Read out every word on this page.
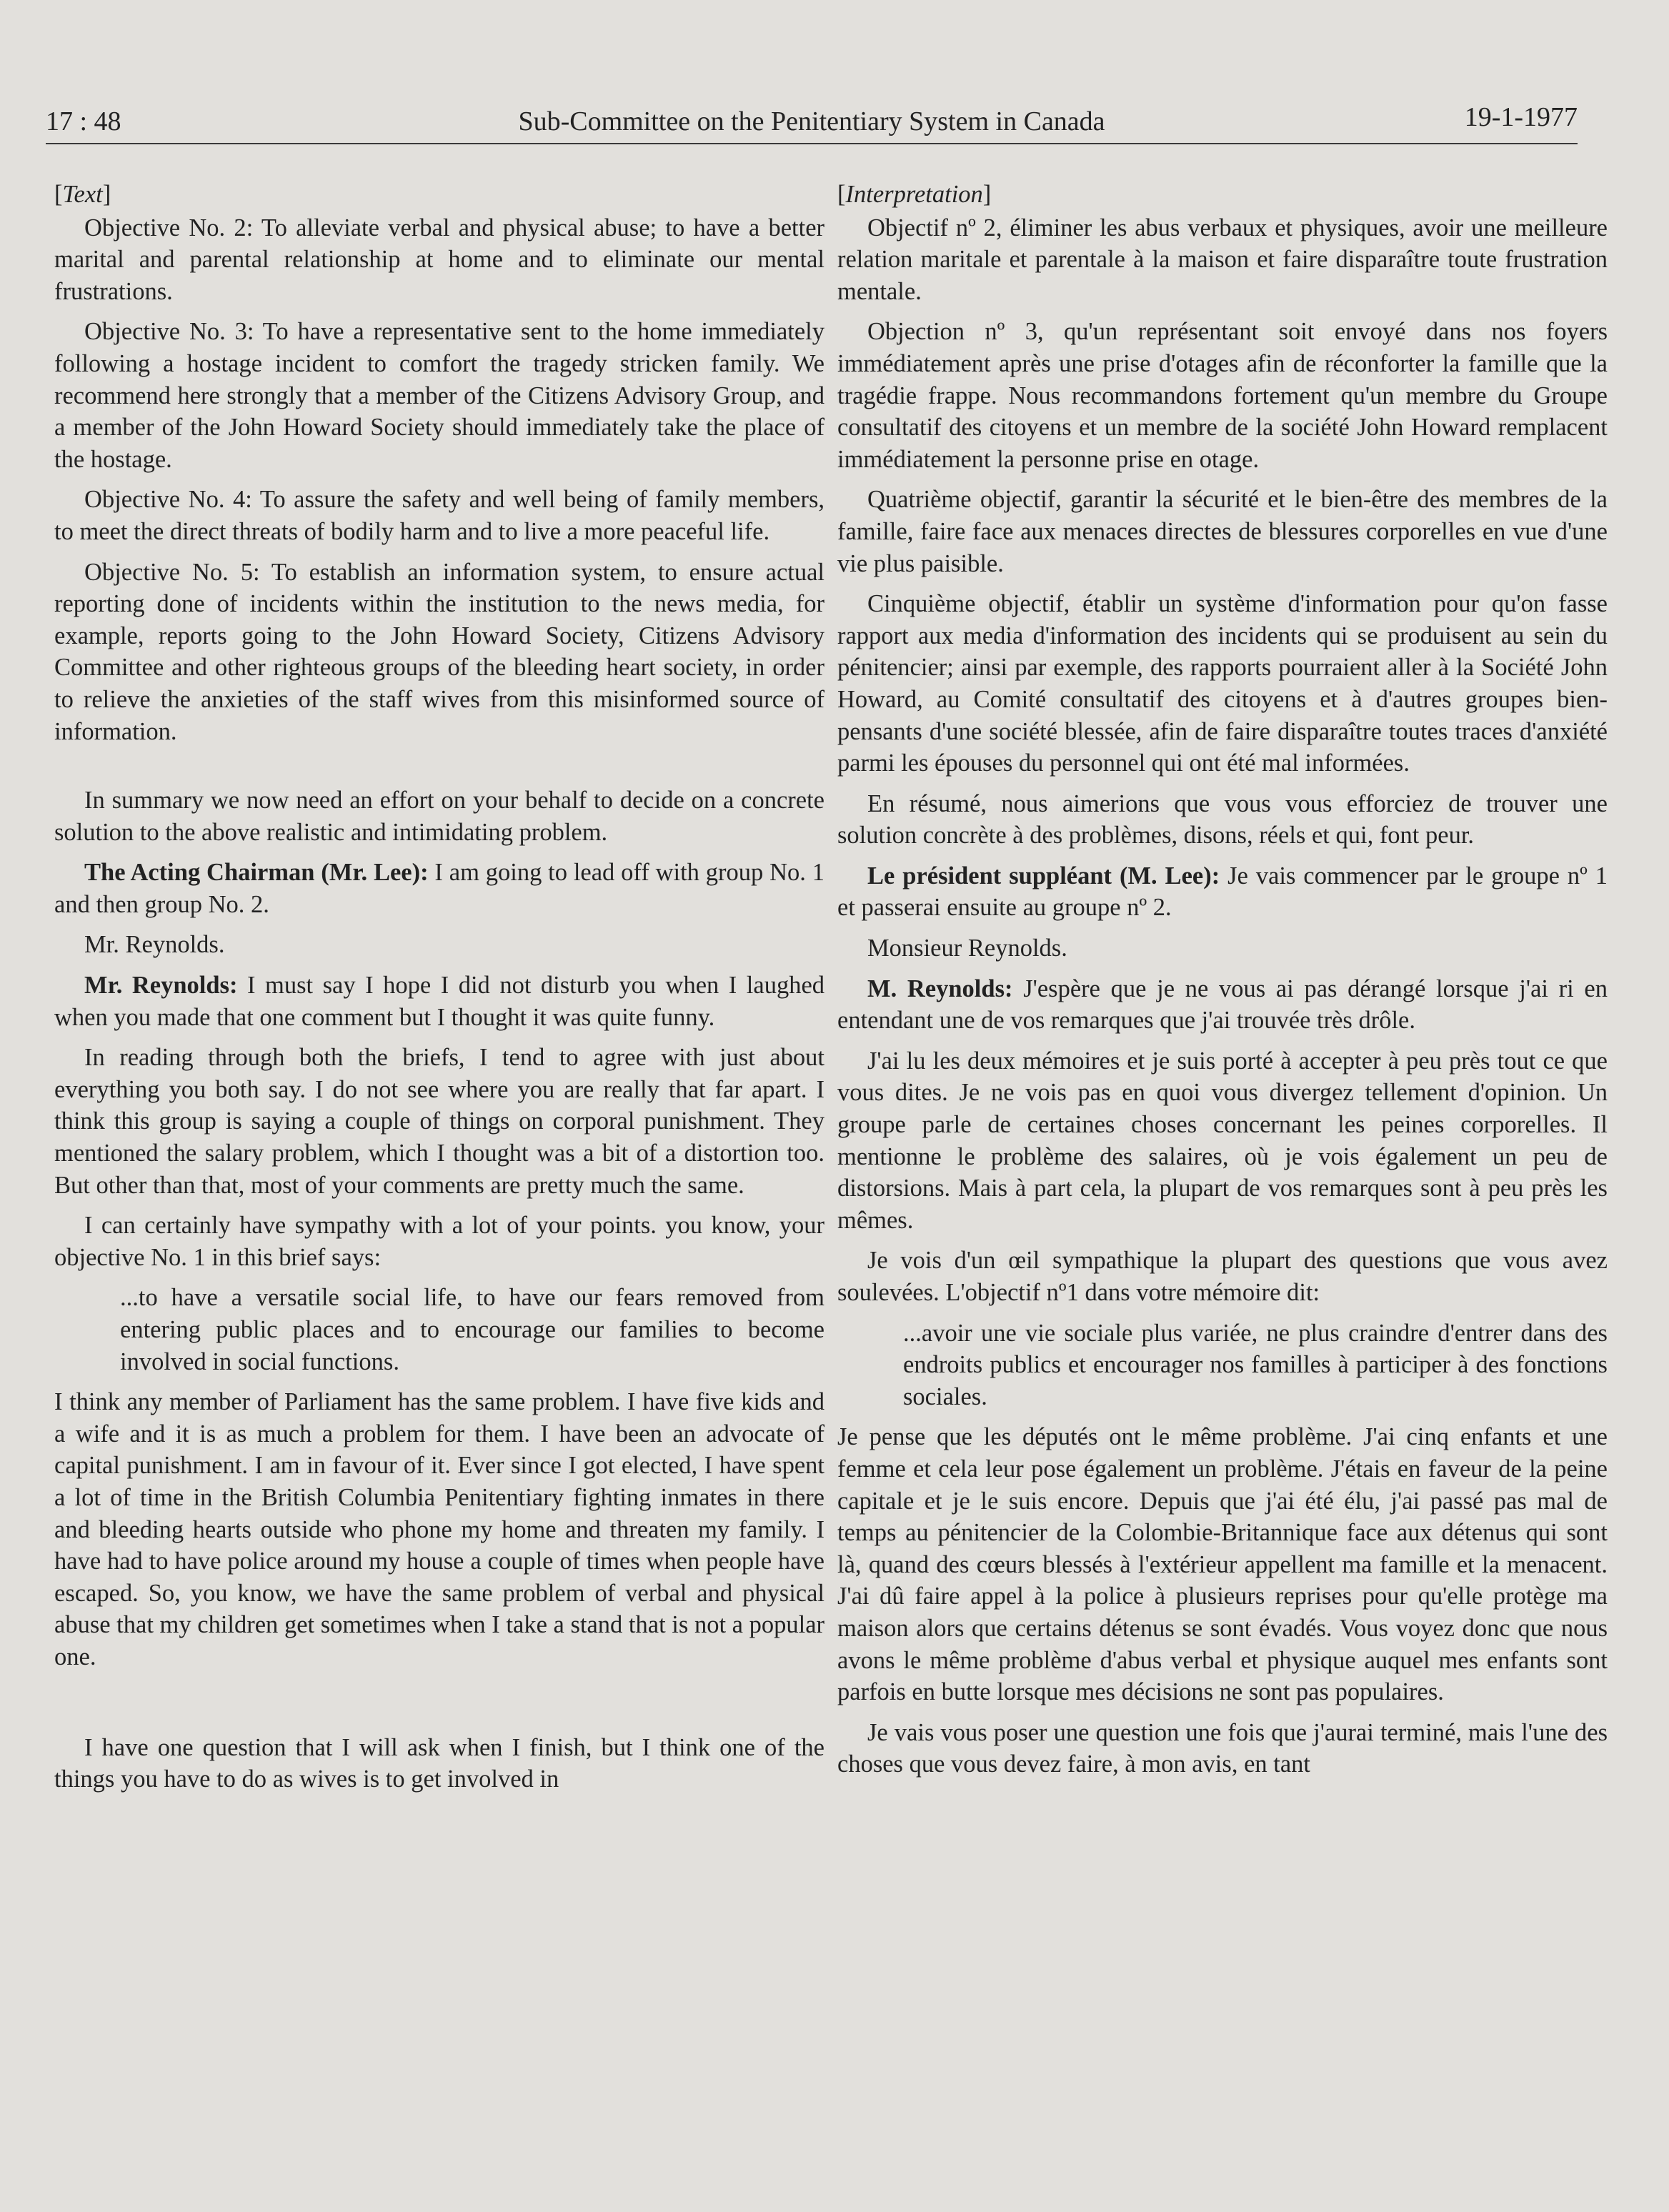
17 : 48	Sub-Committee on the Penitentiary System in Canada	19-1-1977

[Text]

Objective No. 2: To alleviate verbal and physical abuse; to have a better marital and parental relationship at home and to eliminate our mental frustrations.

Objective No. 3: To have a representative sent to the home immediately following a hostage incident to comfort the tragedy stricken family. We recommend here strongly that a member of the Citizens Advisory Group, and a member of the John Howard Society should immediately take the place of the hostage.

Objective No. 4: To assure the safety and well being of family members, to meet the direct threats of bodily harm and to live a more peaceful life.

Objective No. 5: To establish an information system, to ensure actual reporting done of incidents within the institution to the news media, for example, reports going to the John Howard Society, Citizens Advisory Committee and other righteous groups of the bleeding heart society, in order to relieve the anxieties of the staff wives from this misinformed source of information.

In summary we now need an effort on your behalf to decide on a concrete solution to the above realistic and intimidating problem.

The Acting Chairman (Mr. Lee): I am going to lead off with group No. 1 and then group No. 2.

Mr. Reynolds.

Mr. Reynolds: I must say I hope I did not disturb you when I laughed when you made that one comment but I thought it was quite funny.

In reading through both the briefs, I tend to agree with just about everything you both say. I do not see where you are really that far apart. I think this group is saying a couple of things on corporal punishment. They mentioned the salary problem, which I thought was a bit of a distortion too. But other than that, most of your comments are pretty much the same.

I can certainly have sympathy with a lot of your points. you know, your objective No. 1 in this brief says:

...to have a versatile social life, to have our fears removed from entering public places and to encourage our families to become involved in social functions.

I think any member of Parliament has the same problem. I have five kids and a wife and it is as much a problem for them. I have been an advocate of capital punishment. I am in favour of it. Ever since I got elected, I have spent a lot of time in the British Columbia Penitentiary fighting inmates in there and bleeding hearts outside who phone my home and threaten my family. I have had to have police around my house a couple of times when people have escaped. So, you know, we have the same problem of verbal and physical abuse that my children get sometimes when I take a stand that is not a popular one.

I have one question that I will ask when I finish, but I think one of the things you have to do as wives is to get involved in

[Interpretation]

Objectif nº 2, éliminer les abus verbaux et physiques, avoir une meilleure relation maritale et parentale à la maison et faire disparaître toute frustration mentale.

Objection nº 3, qu'un représentant soit envoyé dans nos foyers immédiatement après une prise d'otages afin de réconforter la famille que la tragédie frappe. Nous recommandons fortement qu'un membre du Groupe consultatif des citoyens et un membre de la société John Howard remplacent immédiatement la personne prise en otage.

Quatrième objectif, garantir la sécurité et le bien-être des membres de la famille, faire face aux menaces directes de blessures corporelles en vue d'une vie plus paisible.

Cinquième objectif, établir un système d'information pour qu'on fasse rapport aux media d'information des incidents qui se produisent au sein du pénitencier; ainsi par exemple, des rapports pourraient aller à la Société John Howard, au Comité consultatif des citoyens et à d'autres groupes bien-pensants d'une société blessée, afin de faire disparaître toutes traces d'anxiété parmi les épouses du personnel qui ont été mal informées.

En résumé, nous aimerions que vous vous efforciez de trouver une solution concrète à des problèmes, disons, réels et qui, font peur.

Le président suppléant (M. Lee): Je vais commencer par le groupe nº 1 et passerai ensuite au groupe nº 2.

Monsieur Reynolds.

M. Reynolds: J'espère que je ne vous ai pas dérangé lorsque j'ai ri en entendant une de vos remarques que j'ai trouvée très drôle.

J'ai lu les deux mémoires et je suis porté à accepter à peu près tout ce que vous dites. Je ne vois pas en quoi vous divergez tellement d'opinion. Un groupe parle de certaines choses concernant les peines corporelles. Il mentionne le problème des salaires, où je vois également un peu de distorsions. Mais à part cela, la plupart de vos remarques sont à peu près les mêmes.

Je vois d'un œil sympathique la plupart des questions que vous avez soulevées. L'objectif nº1 dans votre mémoire dit:

...avoir une vie sociale plus variée, ne plus craindre d'entrer dans des endroits publics et encourager nos familles à participer à des fonctions sociales.

Je pense que les députés ont le même problème. J'ai cinq enfants et une femme et cela leur pose également un problème. J'étais en faveur de la peine capitale et je le suis encore. Depuis que j'ai été élu, j'ai passé pas mal de temps au pénitencier de la Colombie-Britannique face aux détenus qui sont là, quand des cœurs blessés à l'extérieur appellent ma famille et la menacent. J'ai dû faire appel à la police à plusieurs reprises pour qu'elle protège ma maison alors que certains détenus se sont évadés. Vous voyez donc que nous avons le même problème d'abus verbal et physique auquel mes enfants sont parfois en butte lorsque mes décisions ne sont pas populaires.

Je vais vous poser une question une fois que j'aurai terminé, mais l'une des choses que vous devez faire, à mon avis, en tant
